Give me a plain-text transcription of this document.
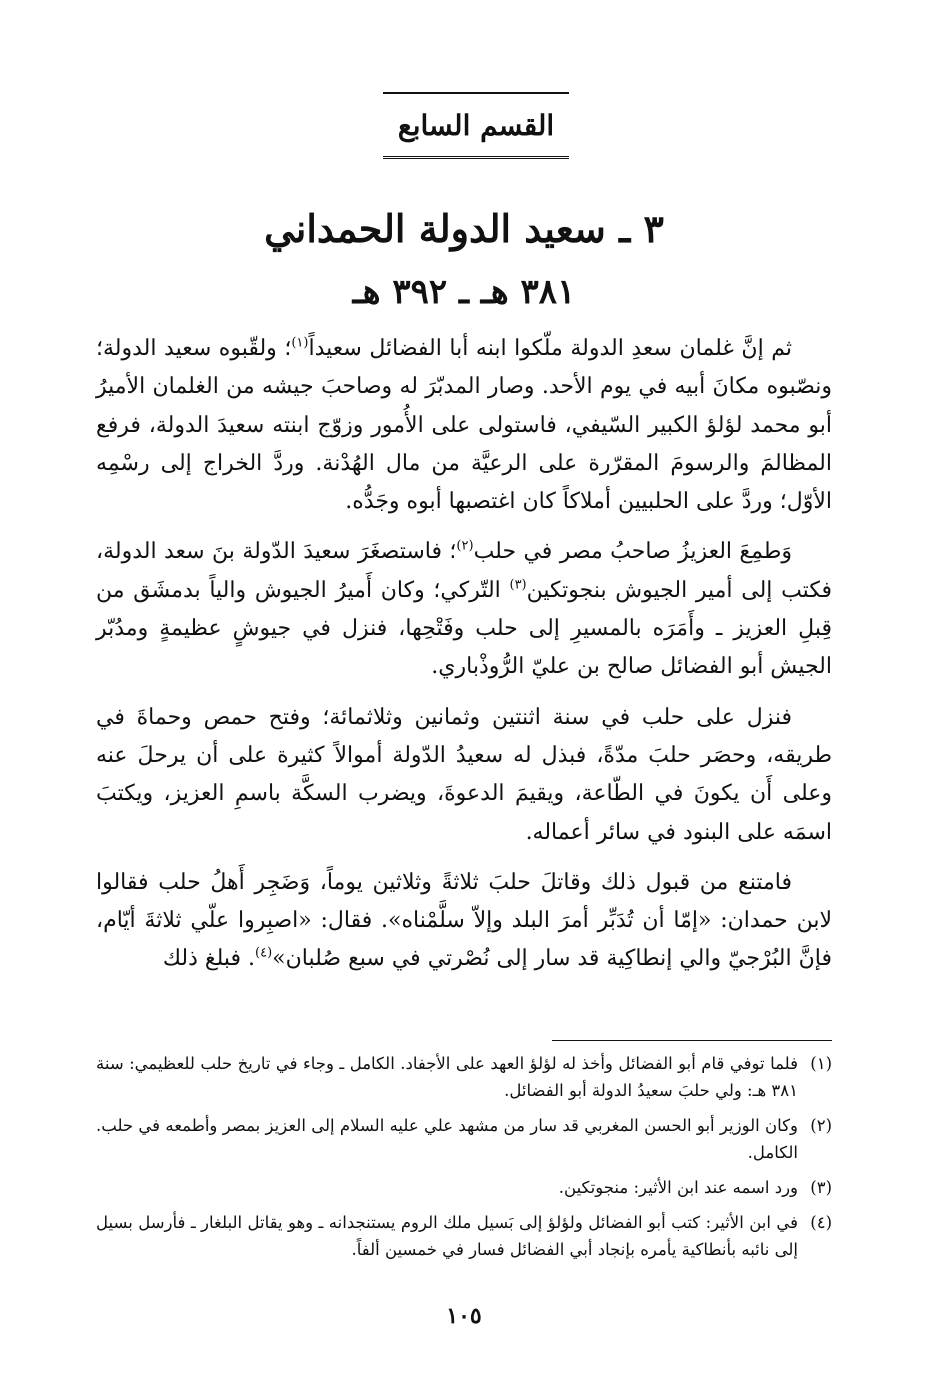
القسم السابع
٣ ـ سعيد الدولة الحمداني
٣٨١ هـ ـ ٣٩٢ هـ

ثم إنَّ غلمان سعدِ الدولة ملّكوا ابنه أبا الفضائل سعيداً$^{(١)}$؛ ولقّبوه سعيد الدولة؛ ونصّبوه مكانَ أبيه في يوم الأحد. وصار المدبّرَ له وصاحبَ جيشه من الغلمان الأميرُ أبو محمد لؤلؤ الكبير السّيفي، فاستولى على الأُمور وزوّج ابنته سعيدَ الدولة، فرفع المظالمَ والرسومَ المقرّرة على الرعيَّة من مال الهُدْنة. وردَّ الخراج إلى رسْمِه الأوّل؛ وردَّ على الحلبيين أملاكاً كان اغتصبها أبوه وجَدُّه.

وَطمِعَ العزيزُ صاحبُ مصر في حلب$^{(٢)}$؛ فاستصغَرَ سعيدَ الدّولة بنَ سعد الدولة، فكتب إلى أمير الجيوش بنجوتكين$^{(٣)}$ التّركي؛ وكان أَميرُ الجيوش والياً بدمشَق من قِبلِ العزيز ـ وأَمَرَه بالمسيرِ إلى حلب وفَتْحِها، فنزل في جيوشٍ عظيمةٍ ومدُبّر الجيش أبو الفضائل صالح بن عليّ الرُّوذْباري.

فنزل على حلب في سنة اثنتين وثمانين وثلاثمائة؛ وفتح حمص وحماةَ في طريقه، وحصَر حلبَ مدّةً، فبذل له سعيدُ الدّولة أموالاً كثيرة على أن يرحلَ عنه وعلى أَن يكونَ في الطّاعة، ويقيمَ الدعوةَ، ويضرب السكَّة باسمِ العزيز، ويكتبَ اسمَه على البنود في سائر أعماله.

فامتنع من قبول ذلك وقاتلَ حلبَ ثلاثةً وثلاثين يوماً، وَضَجِر أَهلُ حلب فقالوا لابن حمدان: «إمّا أن تُدَبِّر أمرَ البلد وإلاّ سلَّمْناه». فقال: «اصبِروا علّي ثلاثةَ أيّام، فإنَّ البُرْجيّ والي إنطاكِية قد سار إلى نُصْرتي في سبع صُلبان»$^{(٤)}$. فبلغ ذلك

(١)
فلما توفي قام أبو الفضائل وأخذ له لؤلؤ العهد على الأجفاد. الكامل ـ وجاء في تاريخ حلب للعظيمي: سنة ٣٨١ هـ: ولي حلبَ سعيدُ الدولة أبو الفضائل.
(٢)
وكان الوزير أبو الحسن المغربي قد سار من مشهد علي عليه السلام إلى العزيز بمصر وأطمعه في حلب. الكامل.
(٣)
ورد اسمه عند ابن الأثير: منجوتكين.
(٤)
في ابن الأثير: كتب أبو الفضائل ولؤلؤ إلى بَسيل ملك الروم يستنجدانه ـ وهو يقاتل البلغار ـ فأرسل بسيل إلى نائبه بأنطاكية يأمره بإنجاد أبي الفضائل فسار في خمسين ألفاً.
١٠٥
